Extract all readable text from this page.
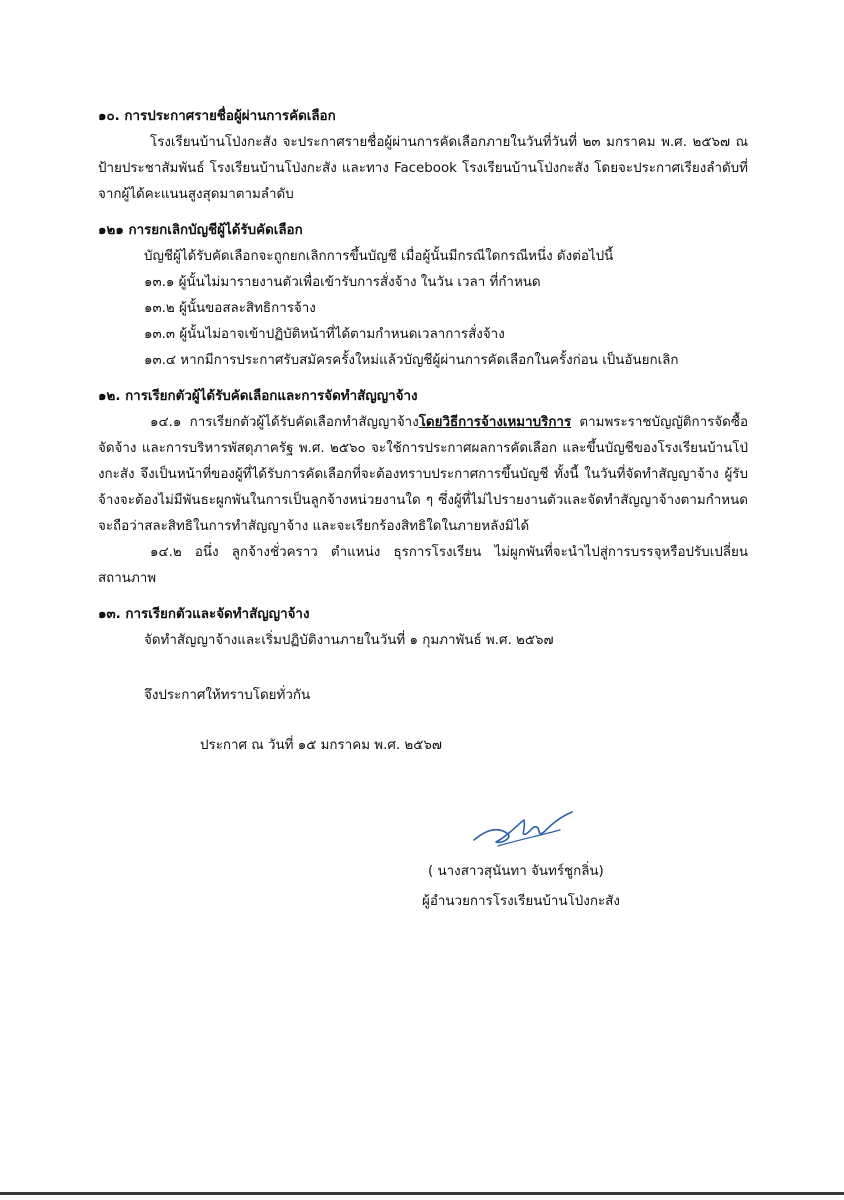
๑๐. การประกาศรายชื่อผู้ผ่านการคัดเลือก

โรงเรียนบ้านโป่งกะสัง จะประกาศรายชื่อผู้ผ่านการคัดเลือกภายในวันที่วันที่ ๒๓ มกราคม พ.ศ. ๒๕๖๗ ณ ป้ายประชาสัมพันธ์ โรงเรียนบ้านโป่งกะสัง และทาง Facebook โรงเรียนบ้านโป่งกะสัง โดยจะประกาศเรียงลำดับที่จากผู้ได้คะแนนสูงสุดมาตามลำดับ

๑๒๑ การยกเลิกบัญชีผู้ได้รับคัดเลือก

บัญชีผู้ได้รับคัดเลือกจะถูกยกเลิกการขึ้นบัญชี เมื่อผู้นั้นมีกรณีใดกรณีหนึ่ง ดังต่อไปนี้

๑๓.๑ ผู้นั้นไม่มารายงานตัวเพื่อเข้ารับการสั่งจ้าง ในวัน เวลา ที่กำหนด

๑๓.๒ ผู้นั้นขอสละสิทธิการจ้าง

๑๓.๓ ผู้นั้นไม่อาจเข้าปฏิบัติหน้าที่ได้ตามกำหนดเวลาการสั่งจ้าง

๑๓.๔ หากมีการประกาศรับสมัครครั้งใหม่แล้วบัญชีผู้ผ่านการคัดเลือกในครั้งก่อน เป็นอันยกเลิก

๑๒. การเรียกตัวผู้ได้รับคัดเลือกและการจัดทำสัญญาจ้าง

๑๔.๑ การเรียกตัวผู้ได้รับคัดเลือกทำสัญญาจ้างโดยวิธีการจ้างเหมาบริการ ตามพระราชบัญญัติการจัดซื้อจัดจ้าง และการบริหารพัสดุภาครัฐ พ.ศ. ๒๕๖๐ จะใช้การประกาศผลการคัดเลือก และขึ้นบัญชีของโรงเรียนบ้านโป่งกะสัง จึงเป็นหน้าที่ของผู้ที่ได้รับการคัดเลือกที่จะต้องทราบประกาศการขึ้นบัญชี ทั้งนี้ ในวันที่จัดทำสัญญาจ้าง ผู้รับจ้างจะต้องไม่มีพันธะผูกพันในการเป็นลูกจ้างหน่วยงานใด ๆ ซึ่งผู้ที่ไม่ไปรายงานตัวและจัดทำสัญญาจ้างตามกำหนด จะถือว่าสละสิทธิในการทำสัญญาจ้าง และจะเรียกร้องสิทธิใดในภายหลังมิได้

๑๔.๒ อนึ่ง ลูกจ้างชั่วคราว ตำแหน่ง ธุรการโรงเรียน ไม่ผูกพันที่จะนำไปสู่การบรรจุหรือปรับเปลี่ยนสถานภาพ

๑๓. การเรียกตัวและจัดทำสัญญาจ้าง

จัดทำสัญญาจ้างและเริ่มปฏิบัติงานภายในวันที่ ๑ กุมภาพันธ์ พ.ศ. ๒๕๖๗

จึงประกาศให้ทราบโดยทั่วกัน
ประกาศ ณ วันที่ ๑๕ มกราคม พ.ศ. ๒๕๖๗
( นางสาวสุนันทา จันทร์ชูกลิ่น)
ผู้อำนวยการโรงเรียนบ้านโป่งกะสัง
